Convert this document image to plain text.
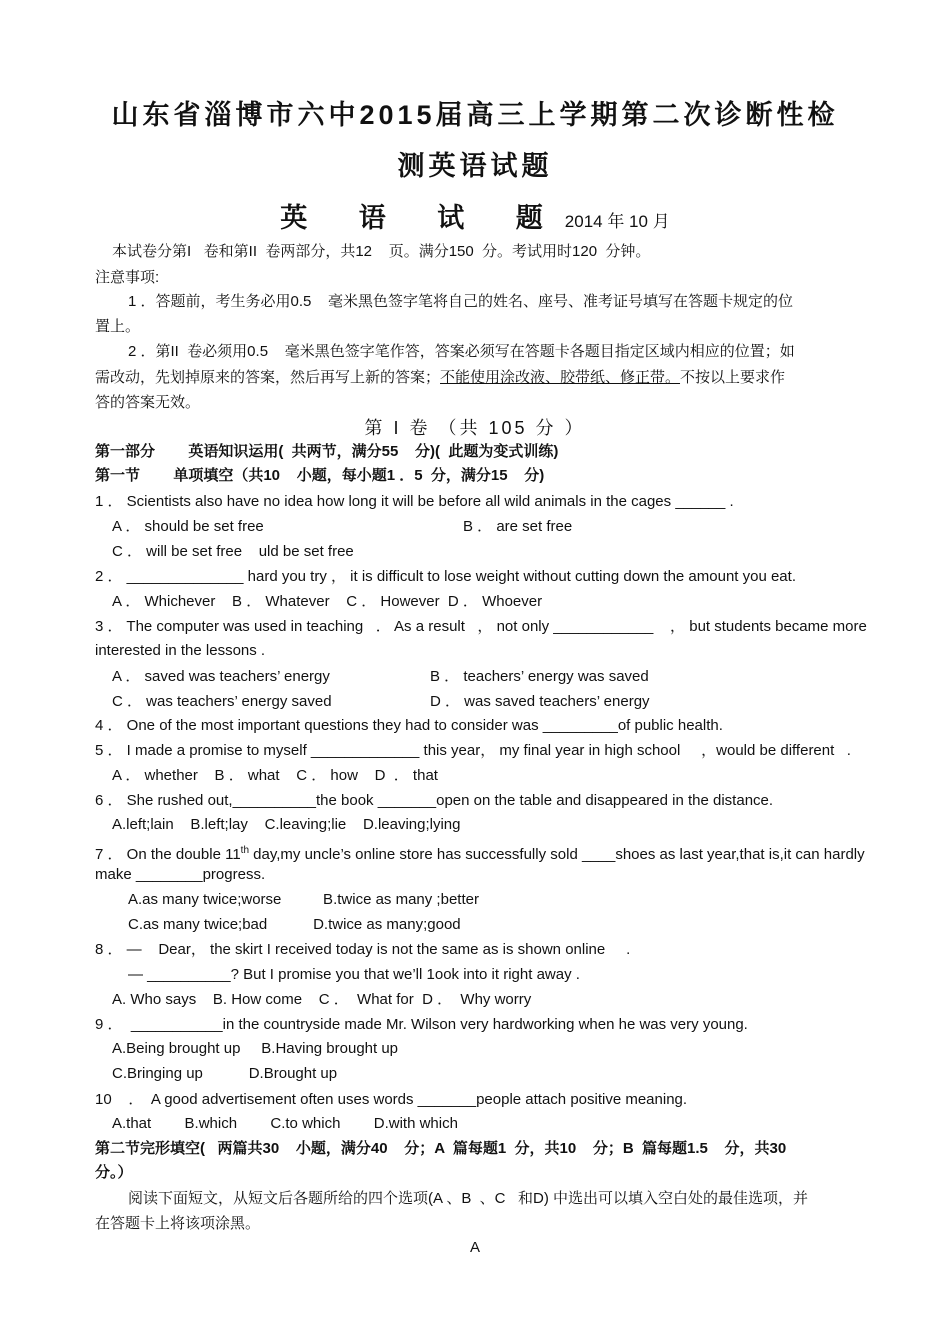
山东省淄博市六中2015届高三上学期第二次诊断性检
测英语试题
英 语 试 题2014 年 10 月
本试卷分第I   卷和第II  卷两部分，共12    页。满分150  分。考试用时120  分钟。
注意事项:
1 ．答题前，考生务必用0.5    毫米黑色签字笔将自己的姓名、座号、准考证号填写在答题卡规定的位
置上。
2 ．第II  卷必须用0.5    毫米黑色签字笔作答，答案必须写在答题卡各题目指定区域内相应的位置；如
需改动，先划掉原来的答案，然后再写上新的答案；不能使用涂改液、胶带纸、修正带。不按以上要求作
答的答案无效。
第 I 卷 （共 105 分 ）
第一部分        英语知识运用(  共两节，满分55    分)(  此题为变式训练)
第一节        单项填空（共10    小题，每小题1 ．5  分，满分15    分)
1 ． Scientists also have no idea how long it will be before all wild animals in the cages ______ .
A ． should be set free	B ． are set free
C ． will be set free    uld be set free
2 ． ______________ hard you try ， it is difficult to lose weight without cutting down the amount you eat.
A ． Whichever    B ． Whatever    C ． However  D ． Whoever
3 ． The computer was used in teaching   ． As a result   ， not only ____________    ， but students became more
interested in the lessons .
A ． saved was teachers’ energy	B ． teachers’ energy was saved
C ． was teachers’ energy saved	D ． was saved teachers’ energy
4 ． One of the most important questions they had to consider was _________of public health.
5 ． I made a promise to myself _____________ this year， my final year in high school     ，would be different   .
A ． whether    B ． what    C ． how    D  ． that
6 ． She rushed out,__________the book _______open on the table and disappeared in the distance.
A.left;lain    B.left;lay    C.leaving;lie    D.leaving;lying
7 ． On the double 11th day,my uncle’s online store has successfully sold ____shoes as last year,that is,it can hardly
make ________progress.
A.as many twice;worse          B.twice as many ;better
C.as many twice;bad           D.twice as many;good
8 ． —    Dear， the skirt I received today is not the same as is shown online     .
— __________? But I promise you that we’ll 1ook into it right away .
A. Who says    B. How come    C ．  What for  D ．  Why worry
9 ．  ___________in the countryside made Mr. Wilson very hardworking when he was very young.
A.Being brought up     B.Having brought up
C.Bringing up           D.Brought up
10    ．  A good advertisement often uses words _______people attach positive meaning.
A.that        B.which        C.to which        D.with which
第二节完形填空(   两篇共30    小题，满分40    分；A  篇每题1  分，共10    分；B  篇每题1.5    分，共30
分。）
阅读下面短文，从短文后各题所给的四个选项(A 、B  、C   和D) 中选出可以填入空白处的最佳选项，并
在答题卡上将该项涂黑。
A
